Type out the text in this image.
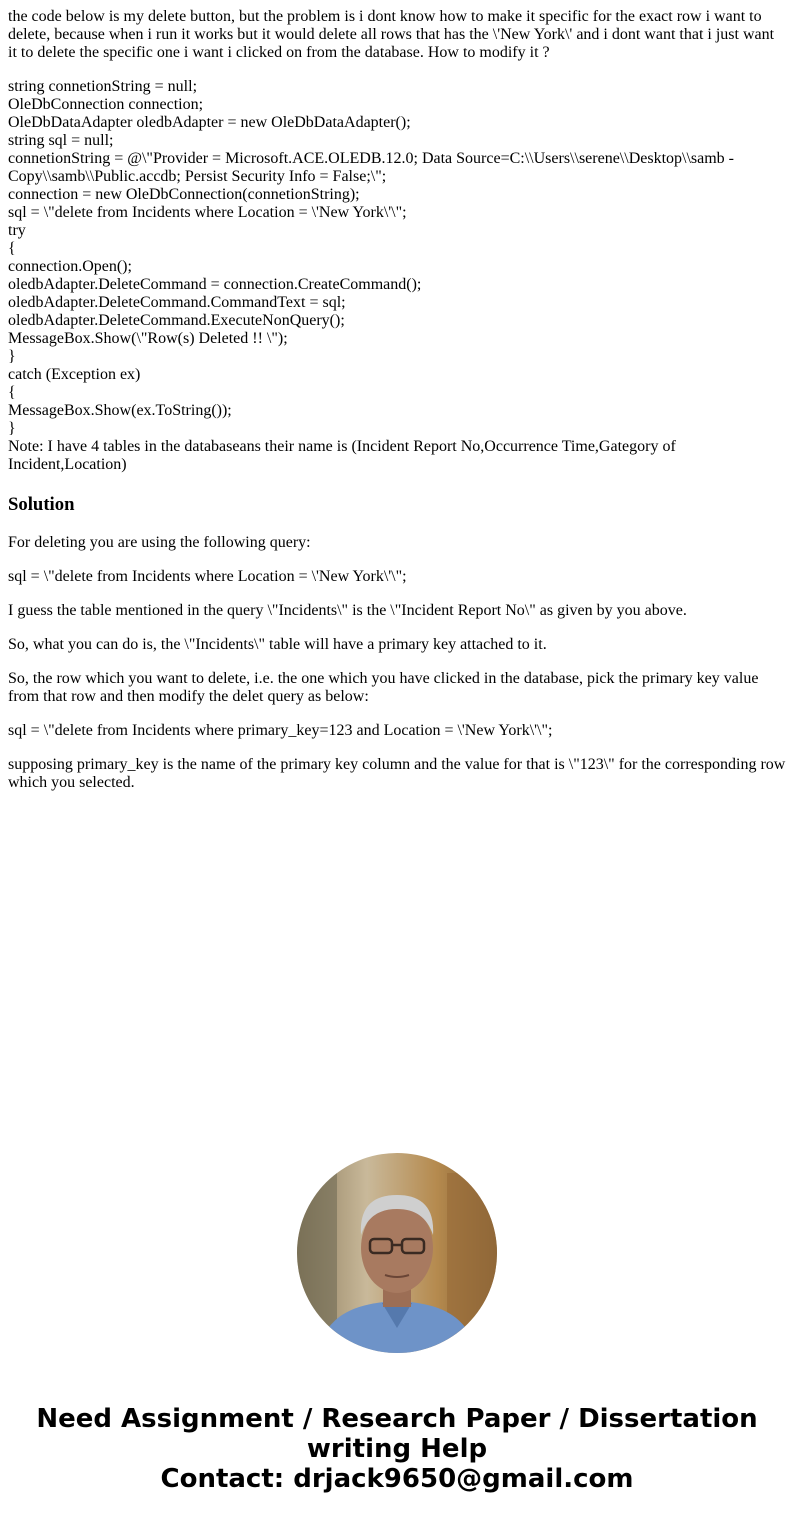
the code below is my delete button, but the problem is i dont know how to make it specific for the exact row i want to delete, because when i run it works but it would delete all rows that has the \'New York\' and i dont want that i just want it to delete the specific one i want i clicked on from the database. How to modify it ?

string connetionString = null;
OleDbConnection connection;
OleDbDataAdapter oledbAdapter = new OleDbDataAdapter();
string sql = null;
connetionString = @\"Provider = Microsoft.ACE.OLEDB.12.0; Data Source=C:\\Users\\serene\\Desktop\\samb - Copy\\samb\\Public.accdb; Persist Security Info = False;\";
connection = new OleDbConnection(connetionString);
sql = \"delete from Incidents where Location = \'New York\'\";
try
{
connection.Open();
oledbAdapter.DeleteCommand = connection.CreateCommand();
oledbAdapter.DeleteCommand.CommandText = sql;
oledbAdapter.DeleteCommand.ExecuteNonQuery();
MessageBox.Show(\"Row(s) Deleted !! \");
}
catch (Exception ex)
{
MessageBox.Show(ex.ToString());
}
Note: I have 4 tables in the databaseans their name is (Incident Report No,Occurrence Time,Gategory of Incident,Location)
Solution

For deleting you are using the following query:

sql = \"delete from Incidents where Location = \'New York\'\";

I guess the table mentioned in the query \"Incidents\" is the \"Incident Report No\" as given by you above.

So, what you can do is, the \"Incidents\" table will have a primary key attached to it.

So, the row which you want to delete, i.e. the one which you have clicked in the database, pick the primary key value from that row and then modify the delet query as below:

sql = \"delete from Incidents where primary_key=123 and Location = \'New York\'\";

supposing primary_key is the name of the primary key column and the value for that is \"123\" for the corresponding row which you selected.

Need Assignment / Research Paper / Dissertation
writing Help
Contact: drjack9650@gmail.com
